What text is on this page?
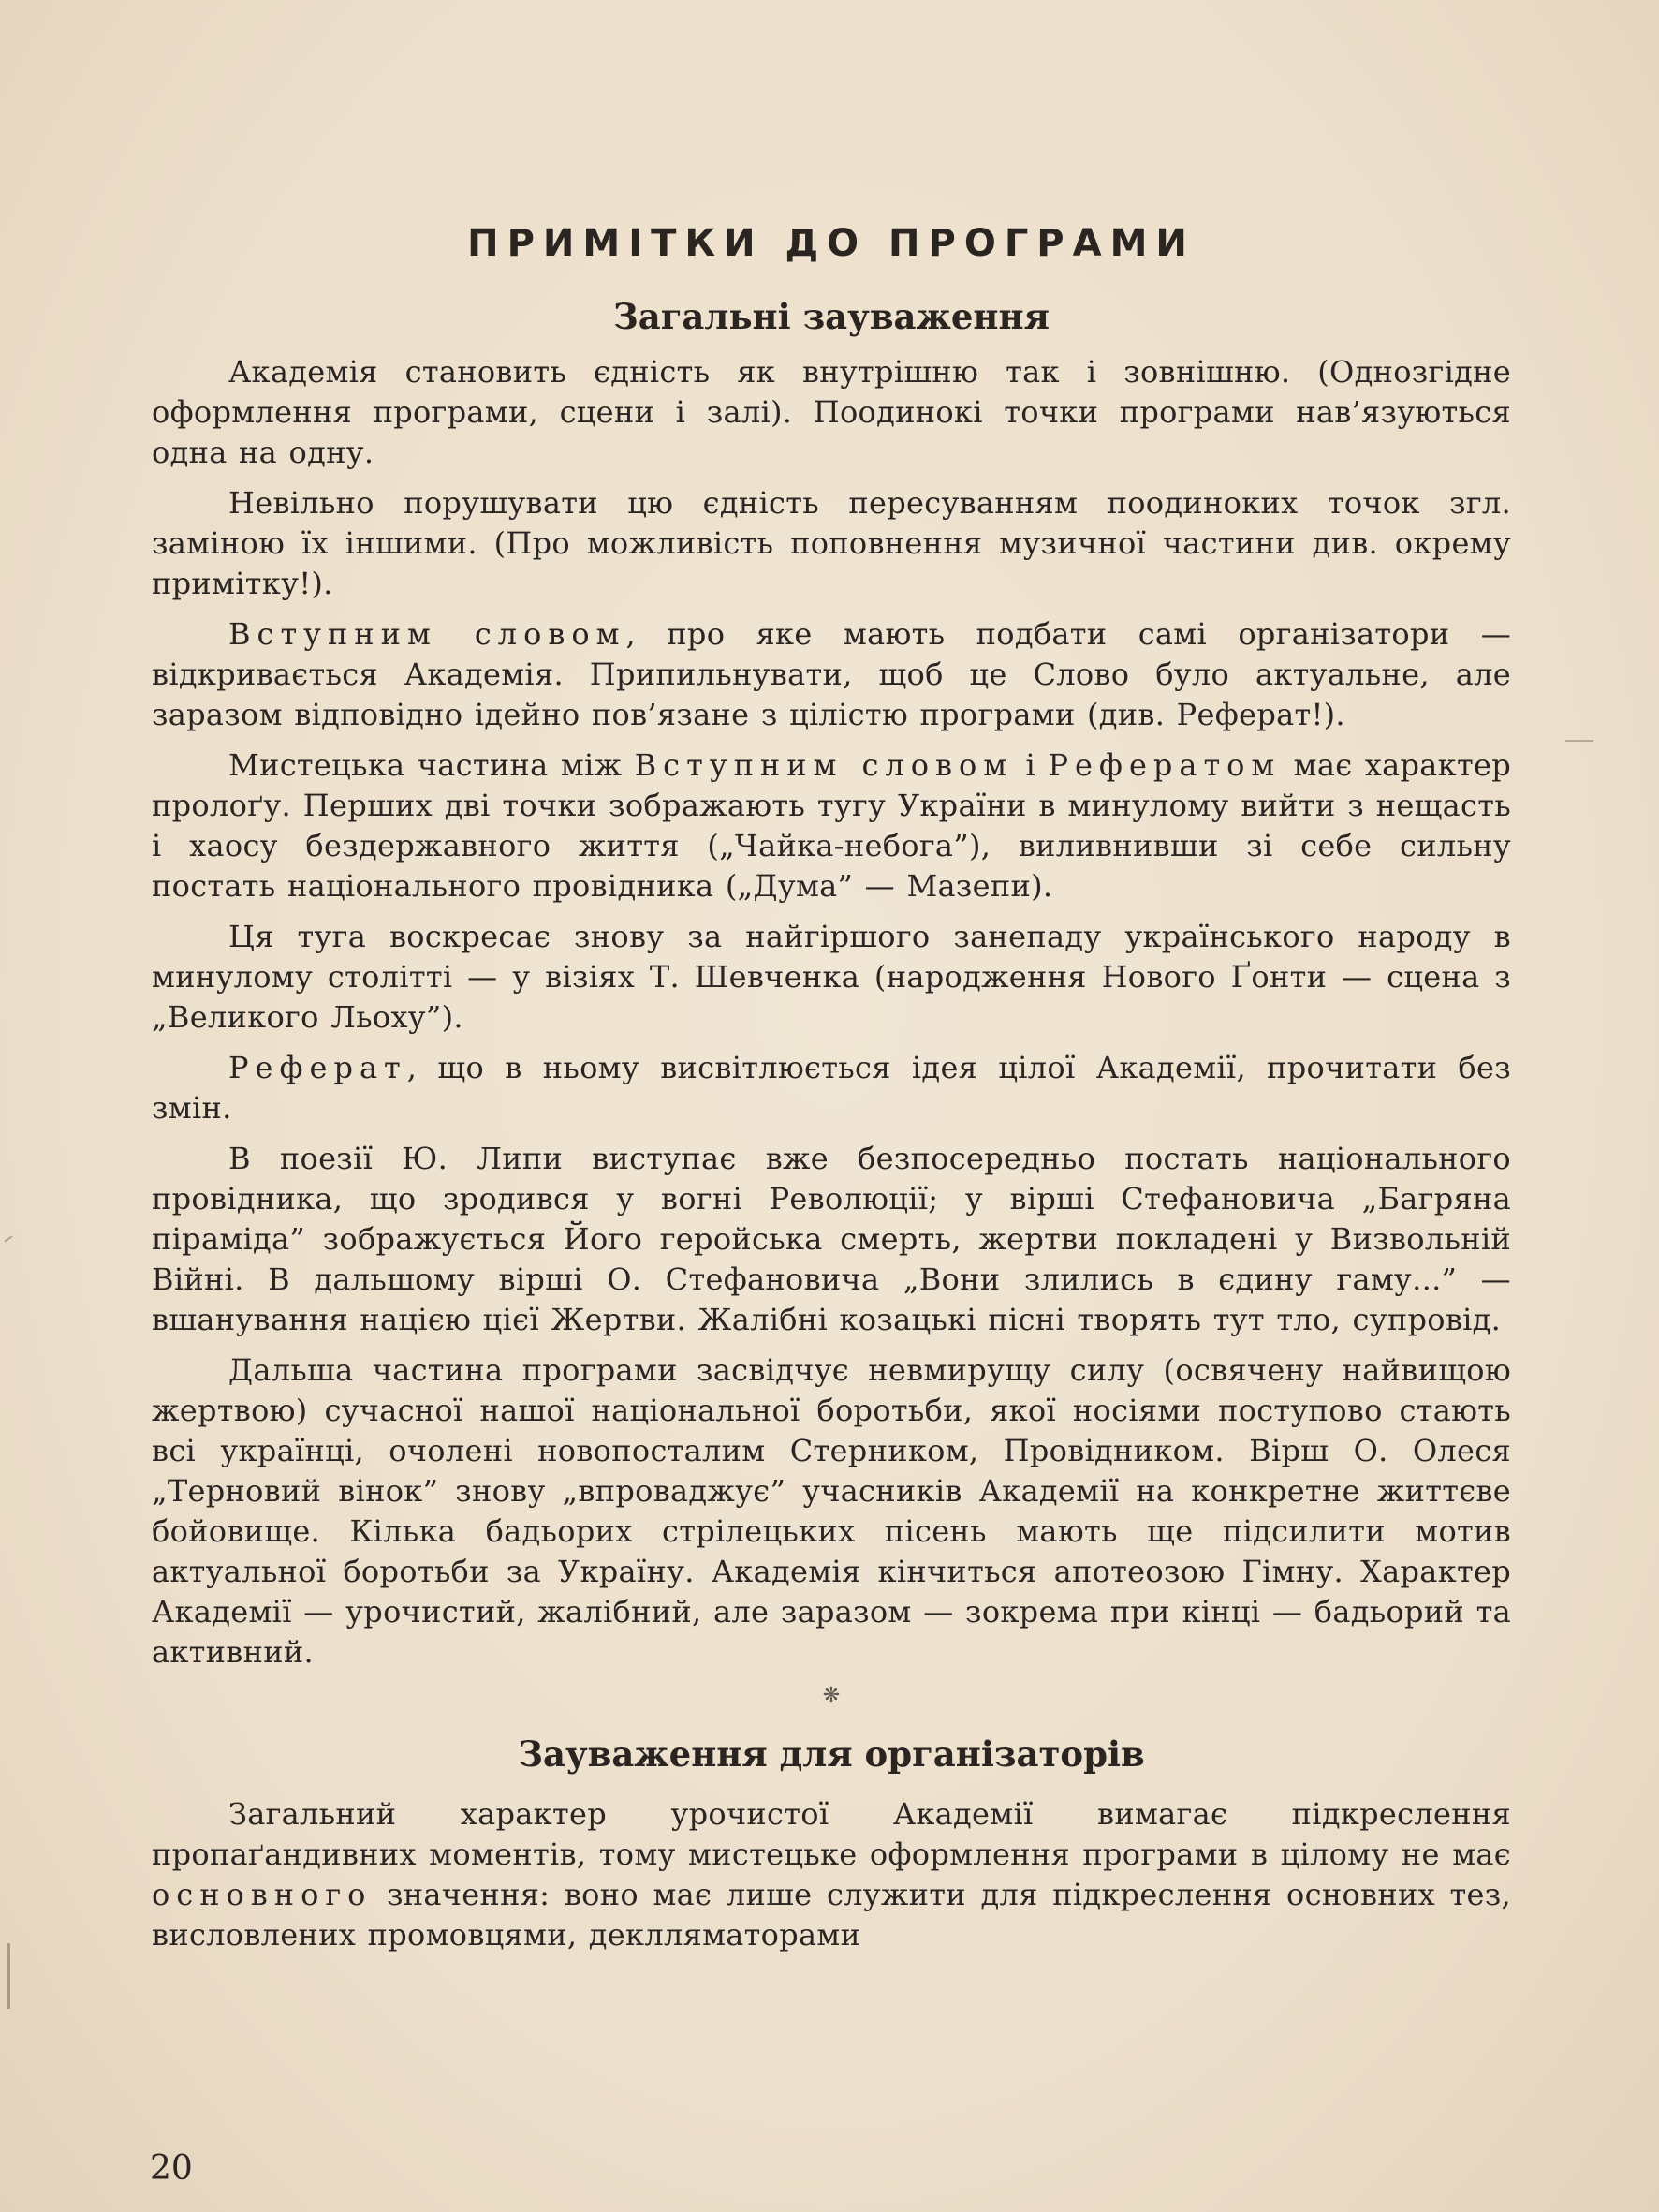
ПРИМІТКИ ДО ПРОГРАМИ
Загальні зауваження

Академія становить єдність як внутрішню так і зовнішню. (Однозгідне оформлення програми, сцени і залі). Поодинокі точки програми нав’язуються одна на одну.

Невільно порушувати цю єдність пересуванням поодиноких точок згл. заміною їх іншими. (Про можливість поповнення музичної частини див. окрему примітку!).

Вступним словом, про яке мають подбати самі організатори — відкривається Академія. Припильнувати, щоб це Слово було актуальне, але заразом відповідно ідейно пов’язане з цілістю програми (див. Реферат!).

Мистецька частина між Вступним словом і Рефератом має характер пролоґу. Перших дві точки зображають тугу України в минулому вийти з нещасть і хаосу бездержавного життя („Чайка-небога”), виливнивши зі себе сильну постать національного провідника („Дума” — Мазепи).

Ця туга воскресає знову за найгіршого занепаду українського народу в минулому столітті — у візіях Т. Шевченка (народження Нового Ґонти — сцена з „Великого Льоху”).

Реферат, що в ньому висвітлюється ідея цілої Академії, прочитати без змін.

В поезії Ю. Липи виступає вже безпосередньо постать національного провідника, що зродився у вогні Революції; у вірші Стефановича „Багряна піраміда” зображується Його геройська смерть, жертви покладені у Визвольній Війні. В дальшому вірші О. Стефановича „Вони злились в єдину гаму...” — вшанування нацією цієї Жертви. Жалібні козацькі пісні творять тут тло, супровід.

Дальша частина програми засвідчує невмирущу силу (освячену найвищою жертвою) сучасної нашої національної боротьби, якої носіями поступово стають всі українці, очолені новопосталим Стерником, Провідником. Вірш О. Олеся „Терновий вінок” знову „впроваджує” учасників Академії на конкретне життєве бойовище. Кілька бадьорих стрілецьких пісень мають ще підсилити мотив актуальної боротьби за Україну. Академія кінчиться апотеозою Гімну. Характер Академії — урочистий, жалібний, але заразом — зокрема при кінці — бадьорий та активний.

❋
Зауваження для організаторів

Загальний характер урочистої Академії вимагає підкреслення пропаґандивних моментів, тому мистецьке оформлення програми в цілому не має основного значення: воно має лише служити для підкреслення основних тез, висловлених промовцями, деклляматорами

20
